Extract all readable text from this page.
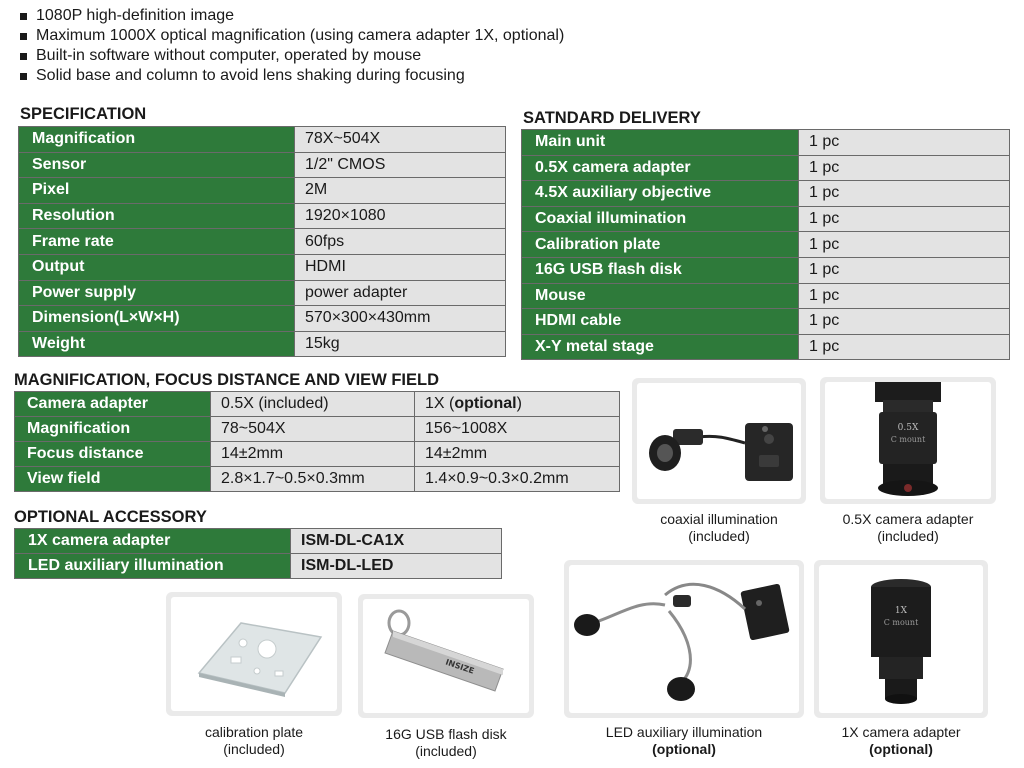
1080P high-definition image
Maximum 1000X optical magnification (using camera adapter 1X, optional)
Built-in software without computer, operated by mouse
Solid base and column to avoid lens shaking during focusing
SPECIFICATION
Magnification	78X~504X
Sensor	1/2" CMOS
Pixel	2M
Resolution	1920×1080
Frame rate	60fps
Output	HDMI
Power supply	power adapter
Dimension(L×W×H)	570×300×430mm
Weight	15kg
SATNDARD DELIVERY
Main unit	1 pc
0.5X camera adapter	1 pc
4.5X auxiliary objective	1 pc
Coaxial illumination	1 pc
Calibration plate	1 pc
16G USB flash disk	1 pc
Mouse	1 pc
HDMI cable	1 pc
X-Y metal stage	1 pc
MAGNIFICATION, FOCUS DISTANCE AND VIEW FIELD
Camera adapter	0.5X (included)	1X (optional)
Magnification	78~504X	156~1008X
Focus distance	14±2mm	14±2mm
View field	2.8×1.7~0.5×0.3mm	1.4×0.9~0.3×0.2mm
OPTIONAL ACCESSORY
1X camera adapter	ISM-DL-CA1X
LED auxiliary illumination	ISM-DL-LED
coaxial illumination
(included)
0.5X
C mount
0.5X camera adapter
(included)
calibration plate
(included)
INSIZE
16G USB flash disk
(included)
LED auxiliary illumination
(optional)
1X
C mount
1X camera adapter
(optional)
